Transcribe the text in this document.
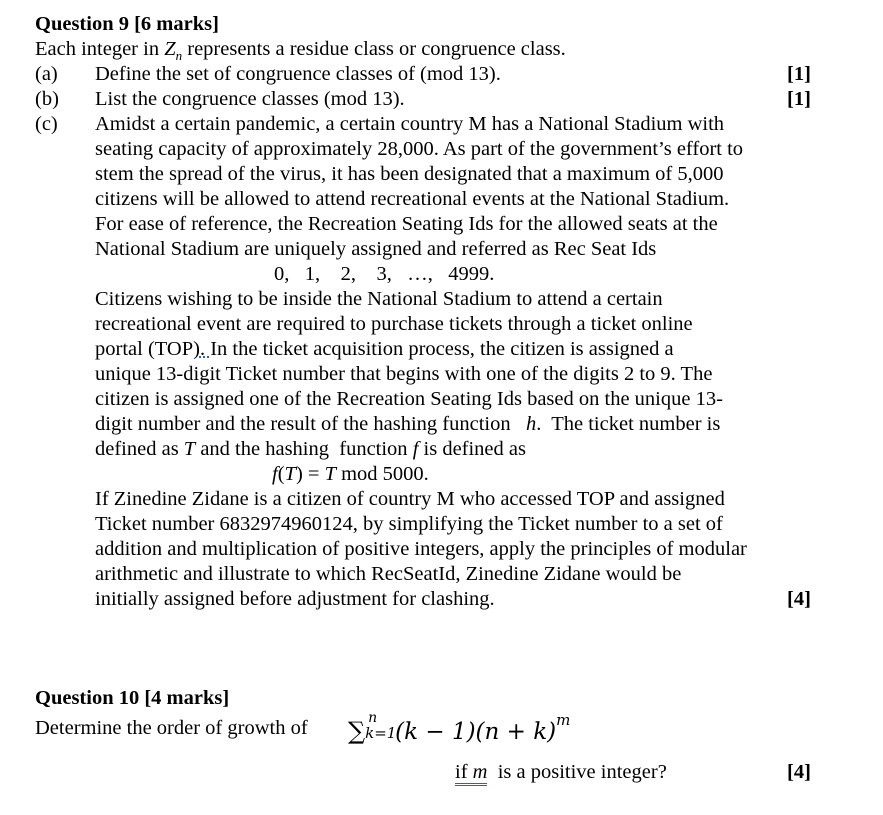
Question 9 [6 marks]
Each integer in $Z_n$ represents a residue class or congruence class.
(a) Define the set of congruence classes of (mod 13).	[1]
(b) List the congruence classes (mod 13).	[1]
(c) Amidst a certain pandemic, a certain country M has a National Stadium with
seating capacity of approximately 28,000. As part of the government’s effort to
stem the spread of the virus, it has been designated that a maximum of 5,000
citizens will be allowed to attend recreational events at the National Stadium.
For ease of reference, the Recreation Seating Ids for the allowed seats at the
National Stadium are uniquely assigned and referred as Rec Seat Ids
0,   1,    2,    3,   …,   4999.
Citizens wishing to be inside the National Stadium to attend a certain
recreational event are required to purchase tickets through a ticket online
portal (TOP). In the ticket acquisition process, the citizen is assigned a
unique 13-digit Ticket number that begins with one of the digits 2 to 9. The
citizen is assigned one of the Recreation Seating Ids based on the unique 13-
digit number and the result of the hashing function   h.  The ticket number is
defined as T and the hashing  function f is defined as
f(T) = T mod 5000.
If Zinedine Zidane is a citizen of country M who accessed TOP and assigned
Ticket number 6832974960124, by simplifying the Ticket number to a set of
addition and multiplication of positive integers, apply the principles of modular
arithmetic and illustrate to which RecSeatId, Zinedine Zidane would be
initially assigned before adjustment for clashing.	[4]
Question 10 [4 marks]
Determine the order of growth of ∑ n
k=1
$(k - 1)(n + k)^m$
if m is a positive integer?	[4]
